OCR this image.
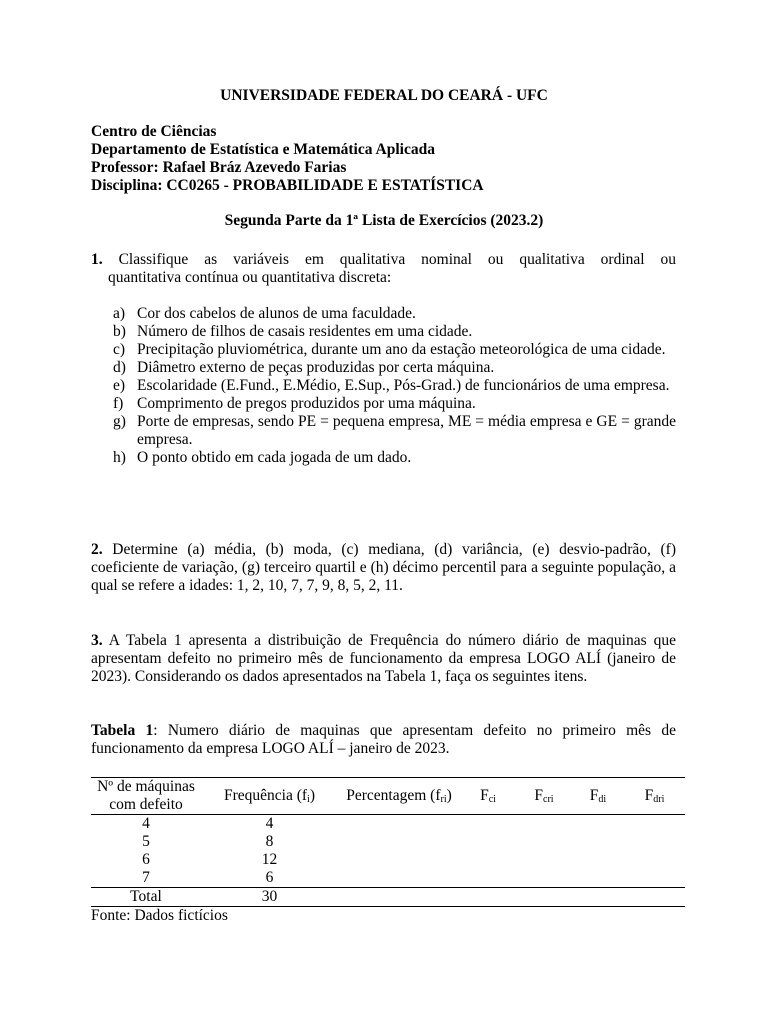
UNIVERSIDADE FEDERAL DO CEARÁ - UFC
Centro de Ciências
Departamento de Estatística e Matemática Aplicada
Professor: Rafael Bráz Azevedo Farias
Disciplina: CC0265 - PROBABILIDADE E ESTATÍSTICA
Segunda Parte da 1ª Lista de Exercícios (2023.2)
1. Classifique as variáveis em qualitativa nominal ou qualitativa ordinal ou
quantitativa contínua ou quantitativa discreta:
a) Cor dos cabelos de alunos de uma faculdade.
b) Número de filhos de casais residentes em uma cidade.
c) Precipitação pluviométrica, durante um ano da estação meteorológica de uma cidade.
d) Diâmetro externo de peças produzidas por certa máquina.
e) Escolaridade (E.Fund., E.Médio, E.Sup., Pós-Grad.) de funcionários de uma empresa.
f) Comprimento de pregos produzidos por uma máquina.
g) Porte de empresas, sendo PE = pequena empresa, ME = média empresa e GE = grande empresa.
h) O ponto obtido em cada jogada de um dado.
2. Determine (a) média, (b) moda, (c) mediana, (d) variância, (e) desvio-padrão, (f) coeficiente de variação, (g) terceiro quartil e (h) décimo percentil para a seguinte população, a qual se refere a idades: 1, 2, 10, 7, 7, 9, 8, 5, 2, 11.
3. A Tabela 1 apresenta a distribuição de Frequência do número diário de maquinas que apresentam defeito no primeiro mês de funcionamento da empresa LOGO ALÍ (janeiro de 2023). Considerando os dados apresentados na Tabela 1, faça os seguintes itens.
Tabela 1: Numero diário de maquinas que apresentam defeito no primeiro mês de funcionamento da empresa LOGO ALÍ – janeiro de 2023.
Nº de máquinas
com defeito	Frequência $(f_i)$	Percentagem $(f_{ri})$	$F_{ci}$	$F_{cri}$	$F_{di}$	$F_{dri}$
4	4					
5	8					
6	12					
7	6					
Total	30					
Fonte: Dados fictícios
